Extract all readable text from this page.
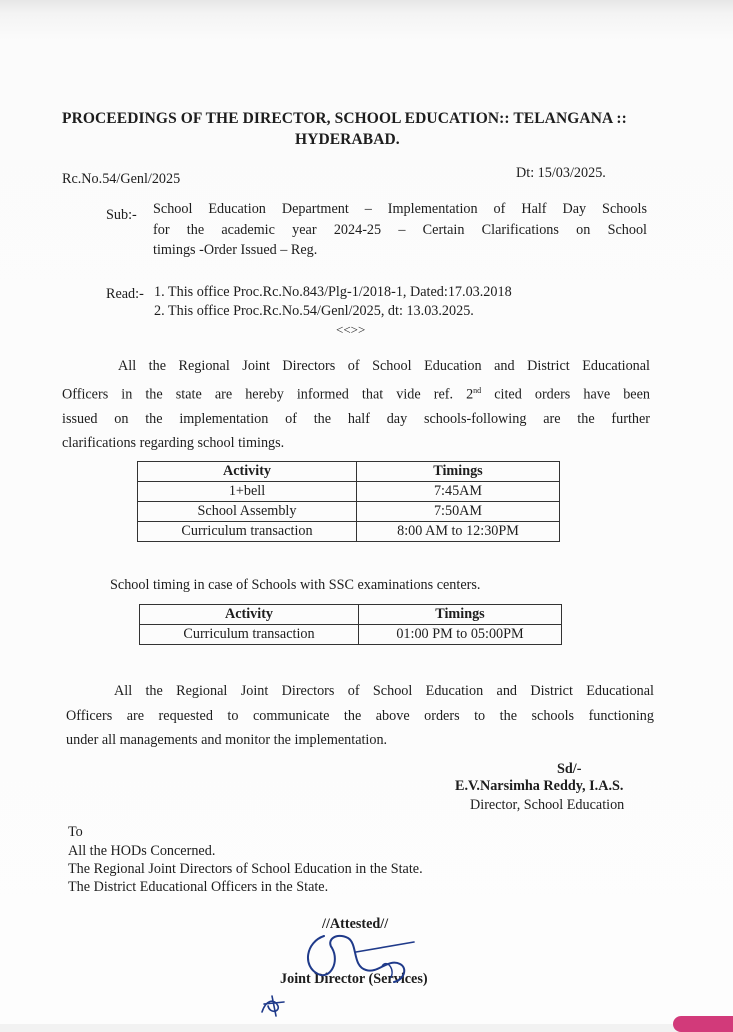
PROCEEDINGS OF THE DIRECTOR, SCHOOL EDUCATION:: TELANGANA ::
HYDERABAD.
Rc.No.54/Genl/2025	Dt: 15/03/2025.
Sub:- School Education Department – Implementation of Half Day Schools
for the academic year 2024-25 – Certain Clarifications on School
timings -Order Issued – Reg.
Read:- 1. This office Proc.Rc.No.843/Plg-1/2018-1, Dated:17.03.2018
2. This office Proc.Rc.No.54/Genl/2025, dt: 13.03.2025.
<<>>
All the Regional Joint Directors of School Education and District Educational
Officers in the state are hereby informed that vide ref. 2nd cited orders have been
issued on the implementation of the half day schools-following are the further
clarifications regarding school timings.
Activity	Timings
1+bell	7:45AM
School Assembly	7:50AM
Curriculum transaction	8:00 AM to 12:30PM
School timing in case of Schools with SSC examinations centers.
Activity	Timings
Curriculum transaction	01:00 PM to 05:00PM
All the Regional Joint Directors of School Education and District Educational
Officers are requested to communicate the above orders to the schools functioning
under all managements and monitor the implementation.
Sd/-
E.V.Narsimha Reddy, I.A.S.
Director, School Education
To
All the HODs Concerned.
The Regional Joint Directors of School Education in the State.
The District Educational Officers in the State.
//Attested//
Joint Director (Services)
